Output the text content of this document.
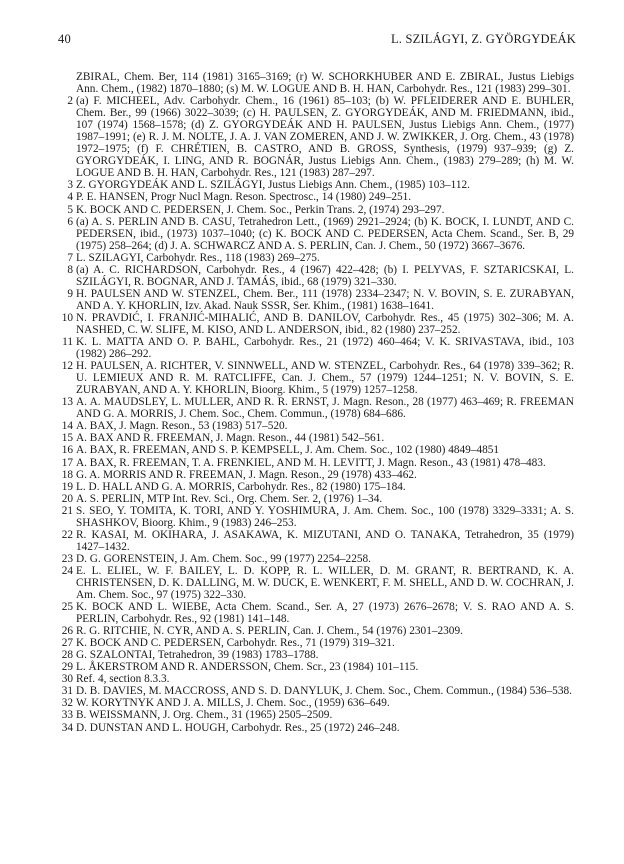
40	L. SZILÁGYI, Z. GYÖRGYDEÁK
ZBIRAL, Chem. Ber, 114 (1981) 3165–3169; (r) W. SCHORKHUBER AND E. ZBIRAL, Justus Liebigs Ann. Chem., (1982) 1870–1880; (s) M. W. LOGUE AND B. H. HAN, Carbohydr. Res., 121 (1983) 299–301.
2 (a) F. MICHEEL, Adv. Carbohydr. Chem., 16 (1961) 85–103; (b) W. PFLEIDERER AND E. BUHLER, Chem. Ber., 99 (1966) 3022–3039; (c) H. PAULSEN, Z. GYORGYDEÁK, AND M. FRIEDMANN, ibid., 107 (1974) 1568–1578; (d) Z. GYORGYDEÁK AND H. PAULSEN, Justus Liebigs Ann. Chem., (1977) 1987–1991; (e) R. J. M. NOLTE, J. A. J. VAN ZOMEREN, AND J. W. ZWIKKER, J. Org. Chem., 43 (1978) 1972–1975; (f) F. CHRÉTIEN, B. CASTRO, AND B. GROSS, Synthesis, (1979) 937–939; (g) Z. GYORGYDEÁK, I. LING, AND R. BOGNÁR, Justus Liebigs Ann. Chem., (1983) 279–289; (h) M. W. LOGUE AND B. H. HAN, Carbohydr. Res., 121 (1983) 287–297.
3 Z. GYORGYDEÁK AND L. SZILÁGYI, Justus Liebigs Ann. Chem., (1985) 103–112.
4 P. E. HANSEN, Progr Nucl Magn. Reson. Spectrosc., 14 (1980) 249–251.
5 K. BOCK AND C. PEDERSEN, J. Chem. Soc., Perkin Trans. 2, (1974) 293–297.
6 (a) A. S. PERLIN AND B. CASU, Tetrahedron Lett., (1969) 2921–2924; (b) K. BOCK, I. LUNDT, AND C. PEDERSEN, ibid., (1973) 1037–1040; (c) K. BOCK AND C. PEDERSEN, Acta Chem. Scand., Ser. B, 29 (1975) 258–264; (d) J. A. SCHWARCZ AND A. S. PERLIN, Can. J. Chem., 50 (1972) 3667–3676.
7 L. SZILAGYI, Carbohydr. Res., 118 (1983) 269–275.
8 (a) A. C. RICHARDSON, Carbohydr. Res., 4 (1967) 422–428; (b) I. PELYVAS, F. SZTARICSKAI, L. SZILÁGYI, R. BOGNAR, AND J. TAMÁS, ibid., 68 (1979) 321–330.
9 H. PAULSEN AND W. STENZEL, Chem. Ber., 111 (1978) 2334–2347; N. V. BOVIN, S. E. ZURABYAN, AND A. Y. KHORLIN, Izv. Akad. Nauk SSSR, Ser. Khim., (1981) 1638–1641.
10 N. PRAVDIĆ, I. FRANJIĆ-MIHALIĆ, AND B. DANILOV, Carbohydr. Res., 45 (1975) 302–306; M. A. NASHED, C. W. SLIFE, M. KISO, AND L. ANDERSON, ibid., 82 (1980) 237–252.
11 K. L. MATTA AND O. P. BAHL, Carbohydr. Res., 21 (1972) 460–464; V. K. SRIVASTAVA, ibid., 103 (1982) 286–292.
12 H. PAULSEN, A. RICHTER, V. SINNWELL, AND W. STENZEL, Carbohydr. Res., 64 (1978) 339–362; R. U. LEMIEUX AND R. M. RATCLIFFE, Can. J. Chem., 57 (1979) 1244–1251; N. V. BOVIN, S. E. ZURABYAN, AND A. Y. KHORLIN, Bioorg. Khim., 5 (1979) 1257–1258.
13 A. A. MAUDSLEY, L. MULLER, AND R. R. ERNST, J. Magn. Reson., 28 (1977) 463–469; R. FREEMAN AND G. A. MORRIS, J. Chem. Soc., Chem. Commun., (1978) 684–686.
14 A. BAX, J. Magn. Reson., 53 (1983) 517–520.
15 A. BAX AND R. FREEMAN, J. Magn. Reson., 44 (1981) 542–561.
16 A. BAX, R. FREEMAN, AND S. P. KEMPSELL, J. Am. Chem. Soc., 102 (1980) 4849–4851
17 A. BAX, R. FREEMAN, T. A. FRENKIEL, AND M. H. LEVITT, J. Magn. Reson., 43 (1981) 478–483.
18 G. A. MORRIS AND R. FREEMAN, J. Magn. Reson., 29 (1978) 433–462.
19 L. D. HALL AND G. A. MORRIS, Carbohydr. Res., 82 (1980) 175–184.
20 A. S. PERLIN, MTP Int. Rev. Sci., Org. Chem. Ser. 2, (1976) 1–34.
21 S. SEO, Y. TOMITA, K. TORI, AND Y. YOSHIMURA, J. Am. Chem. Soc., 100 (1978) 3329–3331; A. S. SHASHKOV, Bioorg. Khim., 9 (1983) 246–253.
22 R. KASAI, M. OKIHARA, J. ASAKAWA, K. MIZUTANI, AND O. TANAKA, Tetrahedron, 35 (1979) 1427–1432.
23 D. G. GORENSTEIN, J. Am. Chem. Soc., 99 (1977) 2254–2258.
24 E. L. ELIEL, W. F. BAILEY, L. D. KOPP, R. L. WILLER, D. M. GRANT, R. BERTRAND, K. A. CHRISTENSEN, D. K. DALLING, M. W. DUCK, E. WENKERT, F. M. SHELL, AND D. W. COCHRAN, J. Am. Chem. Soc., 97 (1975) 322–330.
25 K. BOCK AND L. WIEBE, Acta Chem. Scand., Ser. A, 27 (1973) 2676–2678; V. S. RAO AND A. S. PERLIN, Carbohydr. Res., 92 (1981) 141–148.
26 R. G. RITCHIE, N. CYR, AND A. S. PERLIN, Can. J. Chem., 54 (1976) 2301–2309.
27 K. BOCK AND C. PEDERSEN, Carbohydr. Res., 71 (1979) 319–321.
28 G. SZALONTAI, Tetrahedron, 39 (1983) 1783–1788.
29 L. ÅKERSTROM AND R. ANDERSSON, Chem. Scr., 23 (1984) 101–115.
30 Ref. 4, section 8.3.3.
31 D. B. DAVIES, M. MACCROSS, AND S. D. DANYLUK, J. Chem. Soc., Chem. Commun., (1984) 536–538.
32 W. KORYTNYK AND J. A. MILLS, J. Chem. Soc., (1959) 636–649.
33 B. WEISSMANN, J. Org. Chem., 31 (1965) 2505–2509.
34 D. DUNSTAN AND L. HOUGH, Carbohydr. Res., 25 (1972) 246–248.
